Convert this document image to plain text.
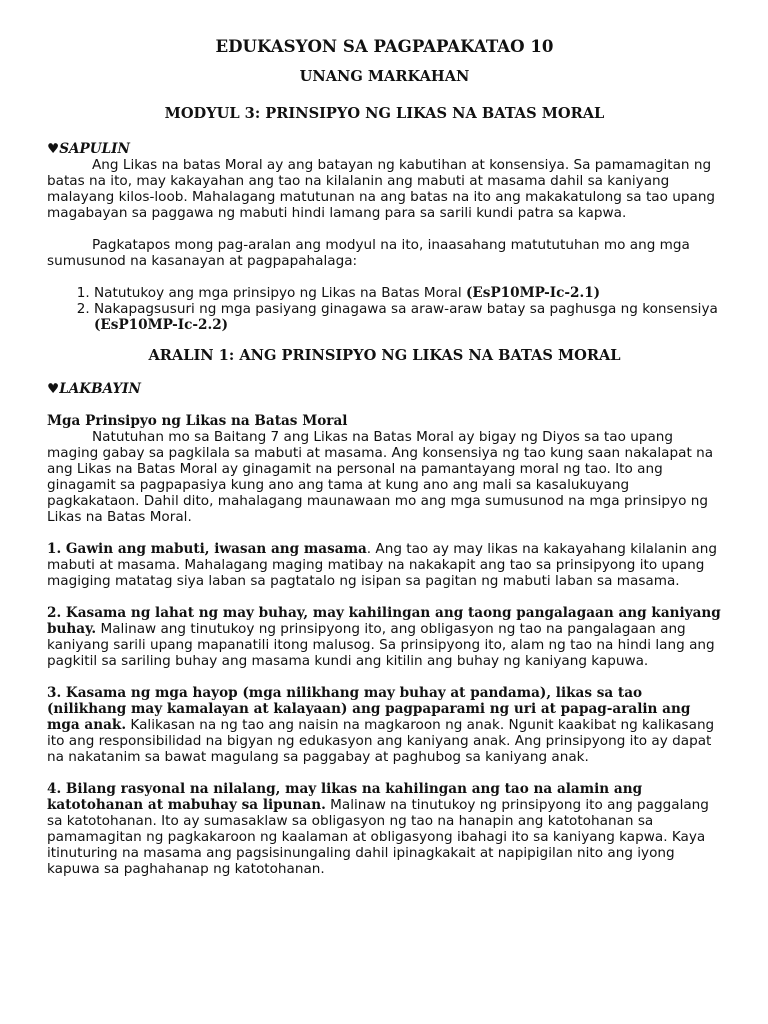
EDUKASYON SA PAGPAPAKATAO 10
UNANG MARKAHAN
MODYUL 3: PRINSIPYO NG LIKAS NA BATAS MORAL
♥SAPULIN

Ang Likas na batas Moral ay ang batayan ng kabutihan at konsensiya. Sa pamamagitan ng batas na ito, may kakayahan ang tao na kilalanin ang mabuti at masama dahil sa kaniyang malayang kilos-loob. Mahalagang matutunan na ang batas na ito ang makakatulong sa tao upang magabayan sa paggawa ng mabuti hindi lamang para sa sarili kundi patra sa kapwa.

Pagkatapos mong pag-aralan ang modyul na ito, inaasahang matututuhan mo ang mga sumusunod na kasanayan at pagpapahalaga:

1. Natutukoy ang mga prinsipyo ng Likas na Batas Moral (EsP10MP-Ic-2.1)
2. Nakapagsusuri ng mga pasiyang ginagawa sa araw-araw batay sa paghusga ng konsensiya (EsP10MP-Ic-2.2)
ARALIN 1: ANG PRINSIPYO NG LIKAS NA BATAS MORAL
♥LAKBAYIN

Mga Prinsipyo ng Likas na Batas Moral

Natutuhan mo sa Baitang 7 ang Likas na Batas Moral ay bigay ng Diyos sa tao upang maging gabay sa pagkilala sa mabuti at masama. Ang konsensiya ng tao kung saan nakalapat na ang Likas na Batas Moral ay ginagamit na personal na pamantayang moral ng tao. Ito ang ginagamit sa pagpapasiya kung ano ang tama at kung ano ang mali sa kasalukuyang pagkakataon. Dahil dito, mahalagang maunawaan mo ang mga sumusunod na mga prinsipyo ng Likas na Batas Moral.

1. Gawin ang mabuti, iwasan ang masama. Ang tao ay may likas na kakayahang kilalanin ang mabuti at masama. Mahalagang maging matibay na nakakapit ang tao sa prinsipyong ito upang magiging matatag siya laban sa pagtatalo ng isipan sa pagitan ng mabuti laban sa masama.

2. Kasama ng lahat ng may buhay, may kahilingan ang taong pangalagaan ang kaniyang buhay. Malinaw ang tinutukoy ng prinsipyong ito, ang obligasyon ng tao na pangalagaan ang kaniyang sarili upang mapanatili itong malusog. Sa prinsipyong ito, alam ng tao na hindi lang ang pagkitil sa sariling buhay ang masama kundi ang kitilin ang buhay ng kaniyang kapuwa.

3. Kasama ng mga hayop (mga nilikhang may buhay at pandama), likas sa tao (nilikhang may kamalayan at kalayaan) ang pagpaparami ng uri at papag-aralin ang mga anak. Kalikasan na ng tao ang naisin na magkaroon ng anak. Ngunit kaakibat ng kalikasang ito ang responsibilidad na bigyan ng edukasyon ang kaniyang anak. Ang prinsipyong ito ay dapat na nakatanim sa bawat magulang sa paggabay at paghubog sa kaniyang anak.

4. Bilang rasyonal na nilalang, may likas na kahilingan ang tao na alamin ang katotohanan at mabuhay sa lipunan. Malinaw na tinutukoy ng prinsipyong ito ang paggalang sa katotohanan. Ito ay sumasaklaw sa obligasyon ng tao na hanapin ang katotohanan sa pamamagitan ng pagkakaroon ng kaalaman at obligasyong ibahagi ito sa kaniyang kapwa. Kaya itinuturing na masama ang pagsisinungaling dahil ipinagkakait at napipigilan nito ang iyong kapuwa sa paghahanap ng katotohanan.
